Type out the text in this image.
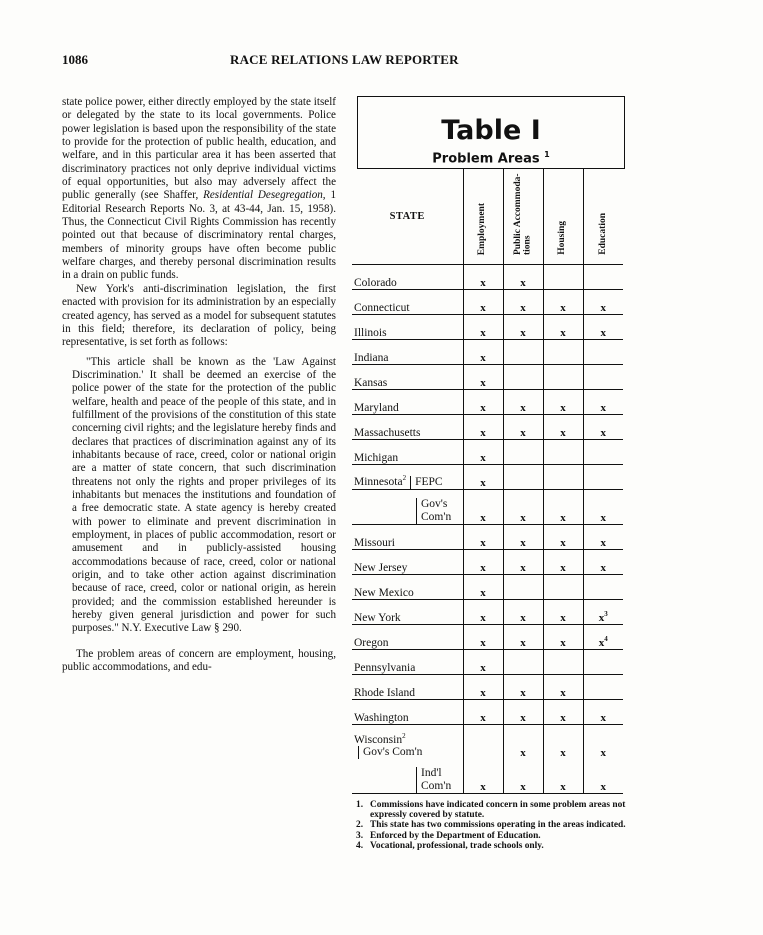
1086	RACE RELATIONS LAW REPORTER

state police power, either directly employed by the state itself or delegated by the state to its local governments. Police power legislation is based upon the responsibility of the state to provide for the protection of public health, education, and welfare, and in this particular area it has been asserted that discriminatory practices not only deprive individual victims of equal opportunities, but also may adversely affect the public generally (see Shaffer, Residential Desegregation, 1 Editorial Research Reports No. 3, at 43-44, Jan. 15, 1958). Thus, the Connecticut Civil Rights Commission has recently pointed out that because of discriminatory rental charges, members of minority groups have often become public welfare charges, and thereby personal discrimination results in a drain on public funds.

New York's anti-discrimination legislation, the first enacted with provision for its administration by an especially created agency, has served as a model for subsequent statutes in this field; therefore, its declaration of policy, being representative, is set forth as follows:

"This article shall be known as the 'Law Against Discrimination.' It shall be deemed an exercise of the police power of the state for the protection of the public welfare, health and peace of the people of this state, and in fulfillment of the provisions of the constitution of this state concerning civil rights; and the legislature hereby finds and declares that practices of discrimination against any of its inhabitants because of race, creed, color or national origin are a matter of state concern, that such discrimination threatens not only the rights and proper privileges of its inhabitants but menaces the institutions and foundation of a free democratic state. A state agency is hereby created with power to eliminate and prevent discrimination in employment, in places of public accommodation, resort or amusement and in publicly-assisted housing accommodations because of race, creed, color or national origin, and to take other action against discrimination because of race, creed, color or national origin, as herein provided; and the commission established hereunder is hereby given general jurisdiction and power for such purposes." N.Y. Executive Law § 290.

The problem areas of concern are employment, housing, public accommodations, and edu-

Table I
Problem Areas $^1$
STATE	Employment	Public Accommoda-tions	Housing	Education
Colorado	x	x		
Connecticut	x	x	x	x
Illinois	x	x	x	x
Indiana	x			
Kansas	x			
Maryland	x	x	x	x
Massachusetts	x	x	x	x
Michigan	x			
Minnesota$^2$ FEPC	x			
Gov's Com'n	x	x	x	x
Missouri	x	x	x	x
New Jersey	x	x	x	x
New Mexico	x			
New York	x	x	x	$x^3$
Oregon	x	x	x	$x^4$
Pennsylvania	x			
Rhode Island	x	x	x	
Washington	x	x	x	x
Wisconsin$^2$Gov's Com'n		x	x	x
Ind'l Com'n	x	x	x	x
1. Commissions have indicated concern in some problem areas not expressly covered by statute.
2. This state has two commissions operating in the areas indicated.
3. Enforced by the Department of Education.
4. Vocational, professional, trade schools only.
